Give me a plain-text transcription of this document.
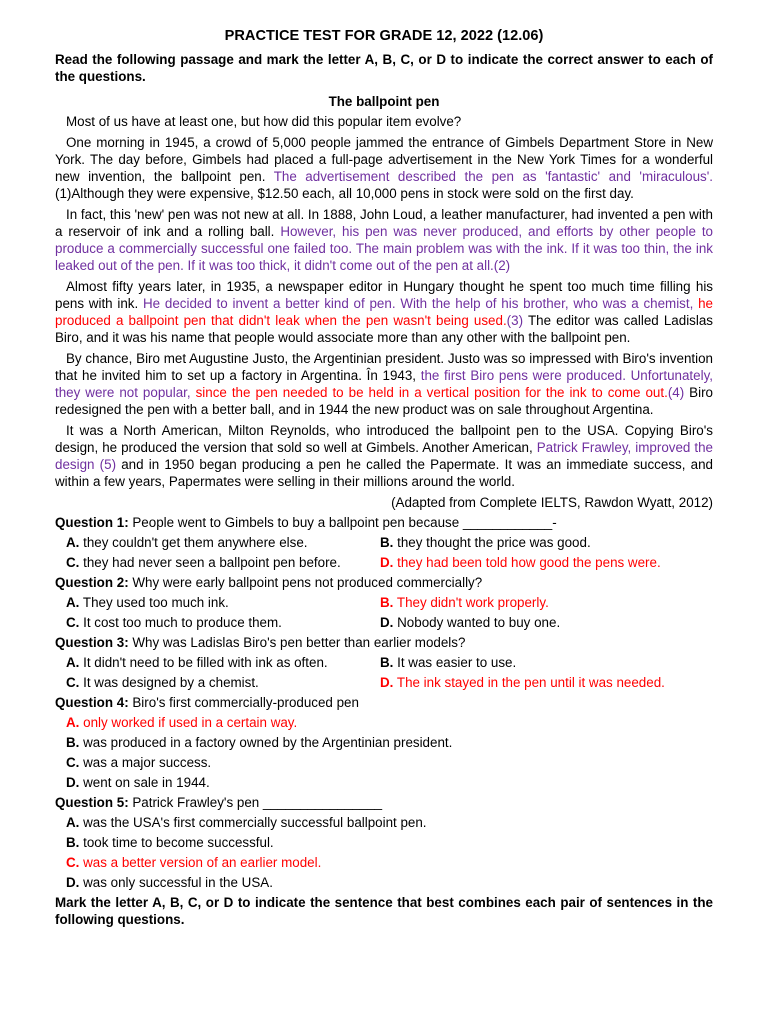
PRACTICE TEST FOR GRADE 12, 2022 (12.06)
Read the following passage and mark the letter A, B, C, or D to indicate the correct answer to each of the questions.
The ballpoint pen

Most of us have at least one, but how did this popular item evolve?

One morning in 1945, a crowd of 5,000 people jammed the entrance of Gimbels Department Store in New York. The day before, Gimbels had placed a full-page advertisement in the New York Times for a wonderful new invention, the ballpoint pen. The advertisement described the pen as 'fantastic' and 'miraculous'. (1)Although they were expensive, $12.50 each, all 10,000 pens in stock were sold on the first day.

In fact, this 'new' pen was not new at all. In 1888, John Loud, a leather manufacturer, had invented a pen with a reservoir of ink and a rolling ball. However, his pen was never produced, and efforts by other people to produce a commercially successful one failed too. The main problem was with the ink. If it was too thin, the ink leaked out of the pen. If it was too thick, it didn't come out of the pen at all.(2)

Almost fifty years later, in 1935, a newspaper editor in Hungary thought he spent too much time filling his pens with ink. He decided to invent a better kind of pen. With the help of his brother, who was a chemist, he produced a ballpoint pen that didn't leak when the pen wasn't being used.(3) The editor was called Ladislas Biro, and it was his name that people would associate more than any other with the ballpoint pen.

By chance, Biro met Augustine Justo, the Argentinian president. Justo was so impressed with Biro's invention that he invited him to set up a factory in Argentina. În 1943, the first Biro pens were produced. Unfortunately, they were not popular, since the pen needed to be held in a vertical position for the ink to come out.(4) Biro redesigned the pen with a better ball, and in 1944 the new product was on sale throughout Argentina.

It was a North American, Milton Reynolds, who introduced the ballpoint pen to the USA. Copying Biro's design, he produced the version that sold so well at Gimbels. Another American, Patrick Frawley, improved the design (5) and in 1950 began producing a pen he called the Papermate. It was an immediate success, and within a few years, Papermates were selling in their millions around the world.

(Adapted from Complete IELTS, Rawdon Wyatt, 2012)
Question 1: People went to Gimbels to buy a ballpoint pen because ____________-
A. they couldn't get them anywhere else.	B. they thought the price was good.
C. they had never seen a ballpoint pen before.	D. they had been told how good the pens were.
Question 2: Why were early ballpoint pens not produced commercially?
A. They used too much ink.	B. They didn't work properly.
C. It cost too much to produce them.	D. Nobody wanted to buy one.
Question 3: Why was Ladislas Biro's pen better than earlier models?
A. It didn't need to be filled with ink as often.	B. It was easier to use.
C. It was designed by a chemist.	D. The ink stayed in the pen until it was needed.
Question 4: Biro's first commercially-produced pen
A. only worked if used in a certain way.
B. was produced in a factory owned by the Argentinian president.
C. was a major success.
D. went on sale in 1944.
Question 5: Patrick Frawley's pen ________________
A. was the USA's first commercially successful ballpoint pen.
B. took time to become successful.
C. was a better version of an earlier model.
D. was only successful in the USA.
Mark the letter A, B, C, or D to indicate the sentence that best combines each pair of sentences in the following questions.
